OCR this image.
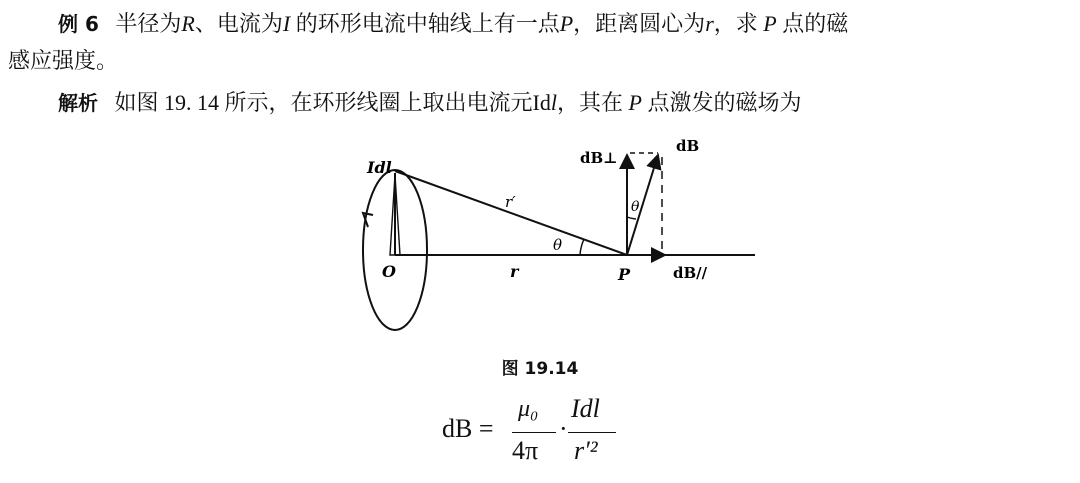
例 6 半径为R、电流为I 的环形电流中轴线上有一点P，距离圆心为r，求 P 点的磁
感应强度。
解析 如图 19. 14 所示，在环形线圈上取出电流元Idl，其在 P 点激发的磁场为
Idl
r′
θ
θ
O	r	P
dB
dB⊥
dB//
图 19.14
dB =
μ₀
4π
·
Idl
r′²
